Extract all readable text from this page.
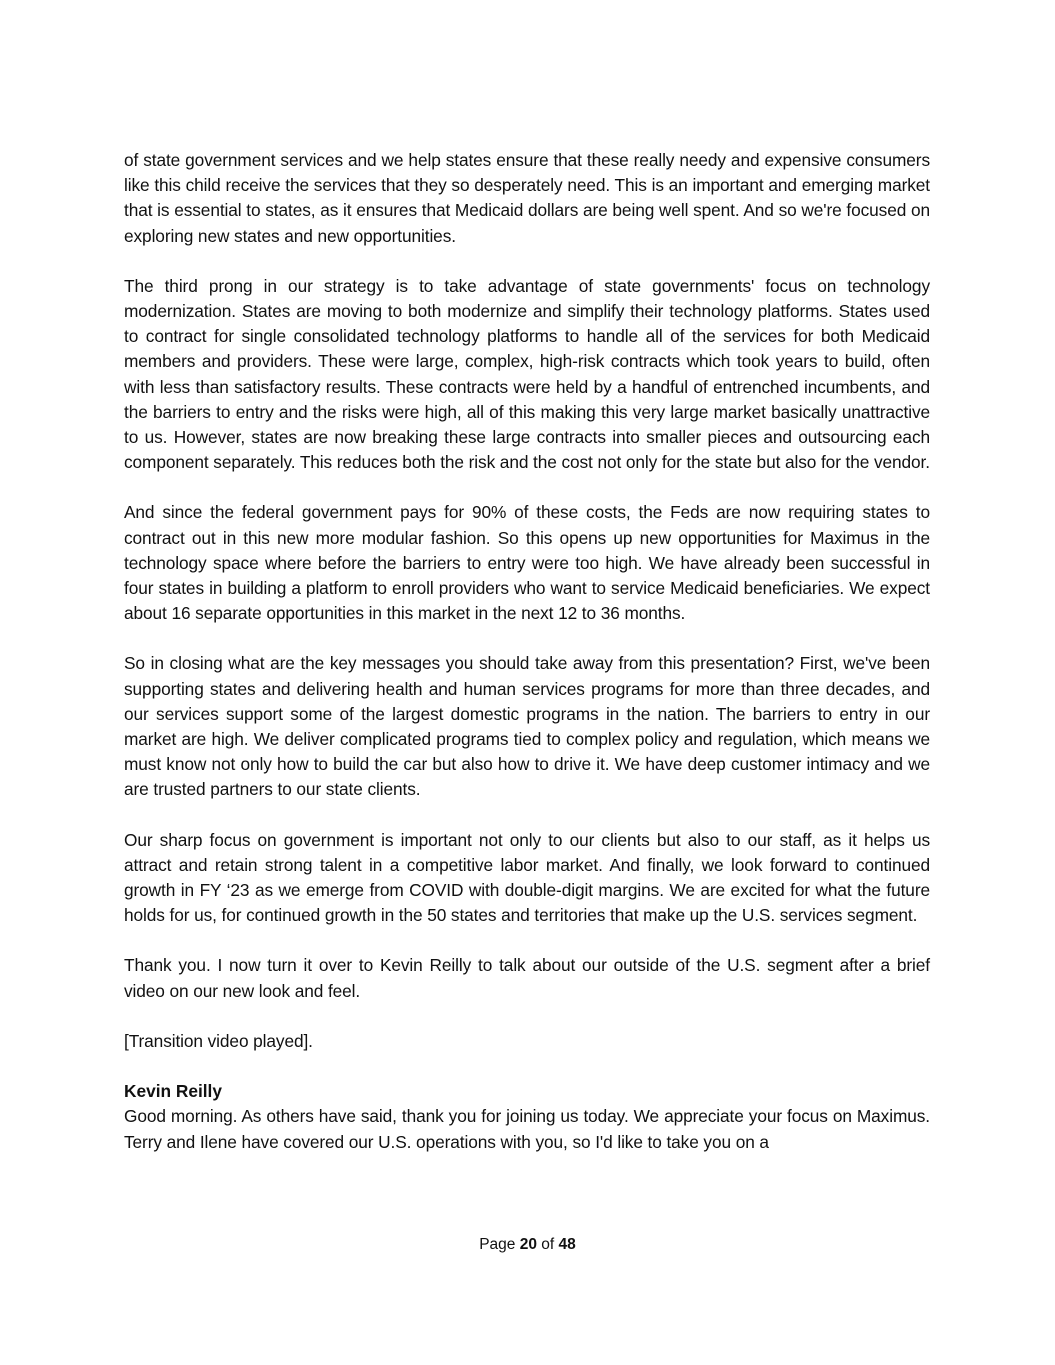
of state government services and we help states ensure that these really needy and expensive consumers like this child receive the services that they so desperately need. This is an important and emerging market that is essential to states, as it ensures that Medicaid dollars are being well spent. And so we're focused on exploring new states and new opportunities.

The third prong in our strategy is to take advantage of state governments' focus on technology modernization. States are moving to both modernize and simplify their technology platforms. States used to contract for single consolidated technology platforms to handle all of the services for both Medicaid members and providers. These were large, complex, high-risk contracts which took years to build, often with less than satisfactory results. These contracts were held by a handful of entrenched incumbents, and the barriers to entry and the risks were high, all of this making this very large market basically unattractive to us. However, states are now breaking these large contracts into smaller pieces and outsourcing each component separately. This reduces both the risk and the cost not only for the state but also for the vendor.

And since the federal government pays for 90% of these costs, the Feds are now requiring states to contract out in this new more modular fashion. So this opens up new opportunities for Maximus in the technology space where before the barriers to entry were too high. We have already been successful in four states in building a platform to enroll providers who want to service Medicaid beneficiaries. We expect about 16 separate opportunities in this market in the next 12 to 36 months.

So in closing what are the key messages you should take away from this presentation? First, we've been supporting states and delivering health and human services programs for more than three decades, and our services support some of the largest domestic programs in the nation. The barriers to entry in our market are high. We deliver complicated programs tied to complex policy and regulation, which means we must know not only how to build the car but also how to drive it. We have deep customer intimacy and we are trusted partners to our state clients.

Our sharp focus on government is important not only to our clients but also to our staff, as it helps us attract and retain strong talent in a competitive labor market. And finally, we look forward to continued growth in FY ‘23 as we emerge from COVID with double-digit margins. We are excited for what the future holds for us, for continued growth in the 50 states and territories that make up the U.S. services segment.

Thank you. I now turn it over to Kevin Reilly to talk about our outside of the U.S. segment after a brief video on our new look and feel.

[Transition video played].

Kevin Reilly

Good morning. As others have said, thank you for joining us today. We appreciate your focus on Maximus. Terry and Ilene have covered our U.S. operations with you, so I'd like to take you on a

Page 20 of 48
